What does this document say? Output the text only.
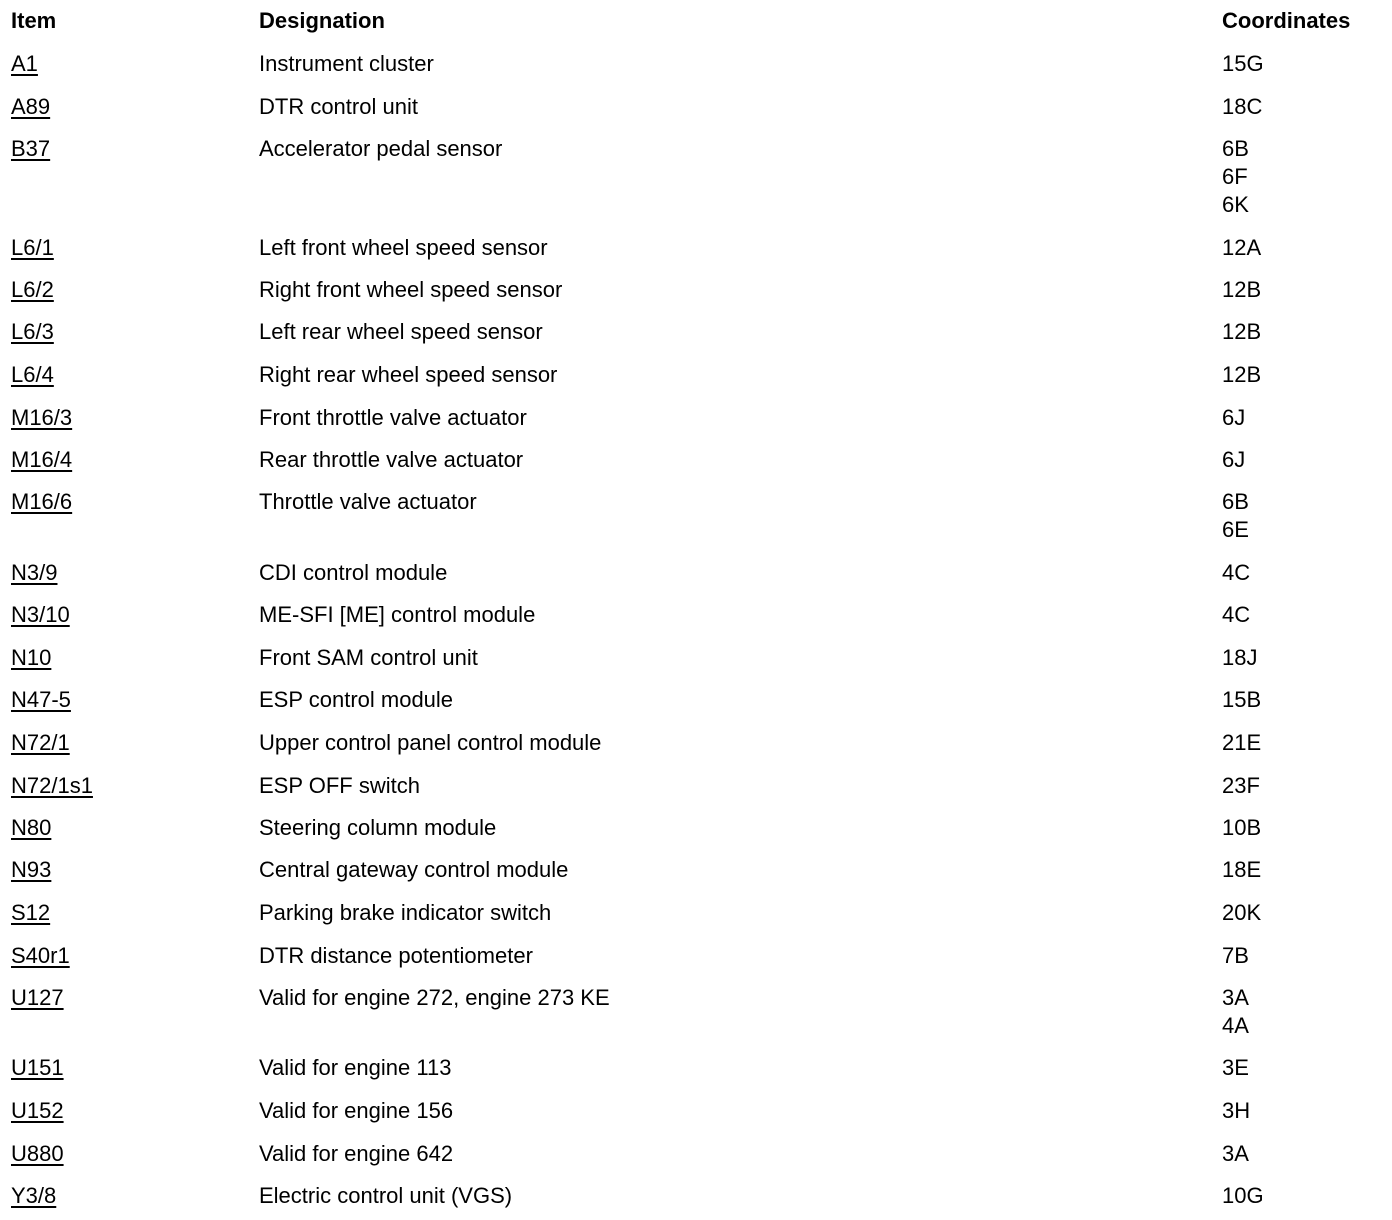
Item	Designation	Coordinates
A1	Instrument cluster	15G
A89	DTR control unit	18C
B37	Accelerator pedal sensor	6B
6F
6K
L6/1	Left front wheel speed sensor	12A
L6/2	Right front wheel speed sensor	12B
L6/3	Left rear wheel speed sensor	12B
L6/4	Right rear wheel speed sensor	12B
M16/3	Front throttle valve actuator	6J
M16/4	Rear throttle valve actuator	6J
M16/6	Throttle valve actuator	6B
6E
N3/9	CDI control module	4C
N3/10	ME-SFI [ME] control module	4C
N10	Front SAM control unit	18J
N47-5	ESP control module	15B
N72/1	Upper control panel control module	21E
N72/1s1	ESP OFF switch	23F
N80	Steering column module	10B
N93	Central gateway control module	18E
S12	Parking brake indicator switch	20K
S40r1	DTR distance potentiometer	7B
U127	Valid for engine 272, engine 273 KE	3A
4A
U151	Valid for engine 113	3E
U152	Valid for engine 156	3H
U880	Valid for engine 642	3A
Y3/8	Electric control unit (VGS)	10G
